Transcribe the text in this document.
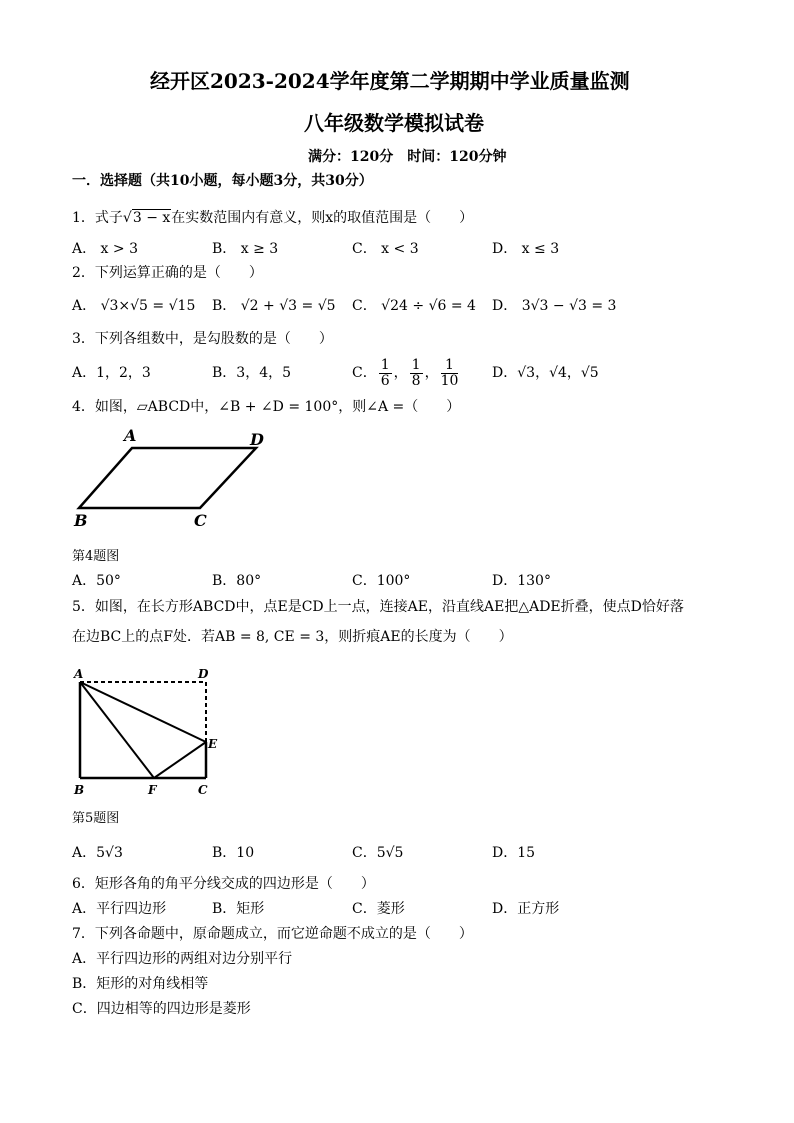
经开区2023-2024学年度第二学期期中学业质量监测
八年级数学模拟试卷
满分：120分　时间：120分钟
一．选择题（共10小题，每小题3分，共30分）
1．式子√3 − x在实数范围内有意义，则x的取值范围是（　　）
A． x > 3	B． x ≥ 3	C． x < 3	D． x ≤ 3
2．下列运算正确的是（　　）
A． √3×√5 = √15 B． √2 + √3 = √5 C． √24 ÷ √6 = 4 D． 3√3 − √3 = 3
3．下列各组数中，是勾股数的是（　　）
A．1，2，3	B．3，4，5	C． $\frac{1}{6}$ ， $\frac{1}{8}$ ， $\frac{1}{10}$ D．√3，√4，√5
4．如图，▱ABCD中，∠B + ∠D = 100°，则∠A =（　　）
A	D
B	C
第4题图
A．50°	B．80°	C．100°	D．130°
5．如图，在长方形ABCD中，点E是CD上一点，连接AE，沿直线AE把△ADE折叠，使点D恰好落
在边BC上的点F处．若AB = 8, CE = 3，则折痕AE的长度为（　　）
A	D
E
B	F	C
第5题图
A．5√3	B．10	C．5√5	D．15
6．矩形各角的角平分线交成的四边形是（　　）
A．平行四边形	B．矩形	C．菱形	D．正方形
7．下列各命题中，原命题成立，而它逆命题不成立的是（　　）
A．平行四边形的两组对边分别平行
B．矩形的对角线相等
C．四边相等的四边形是菱形
